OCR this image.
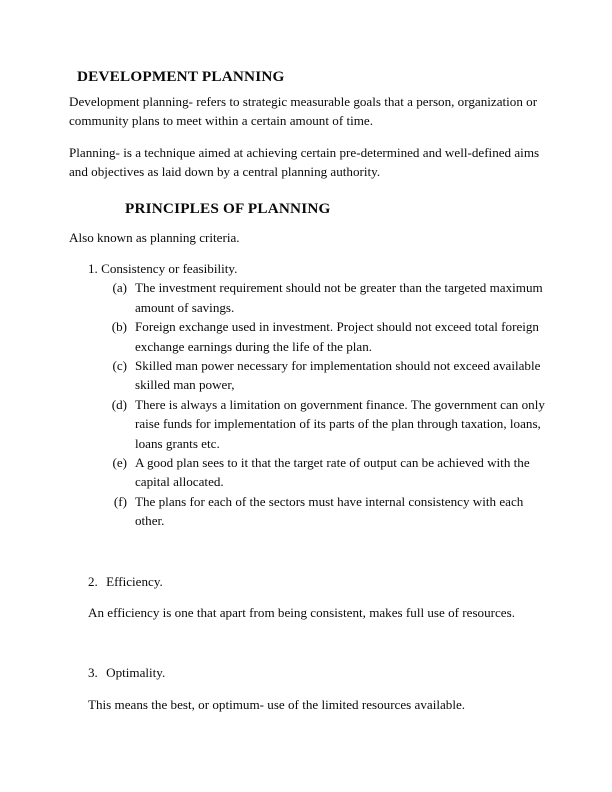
DEVELOPMENT PLANNING

Development planning- refers to strategic measurable goals that a person, organization or community plans to meet within a certain amount of time.

Planning- is a technique aimed at achieving certain pre-determined and well-defined aims and objectives as laid down by a central planning authority.

PRINCIPLES OF PLANNING

Also known as planning criteria.

1. Consistency or feasibility.
(a) The investment requirement should not be greater than the targeted maximum amount of savings.
(b) Foreign exchange used in investment. Project should not exceed total foreign exchange earnings during the life of the plan.
(c) Skilled man power necessary for implementation should not exceed available skilled man power,
(d) There is always a limitation on government finance. The government can only raise funds for implementation of its parts of the plan through taxation, loans, loans grants etc.
(e) A good plan sees to it that the target rate of output can be achieved with the capital allocated.
(f) The plans for each of the sectors must have internal consistency with each other.
2. Efficiency.

An efficiency is one that apart from being consistent, makes full use of resources.

3. Optimality.

This means the best, or optimum- use of the limited resources available.
